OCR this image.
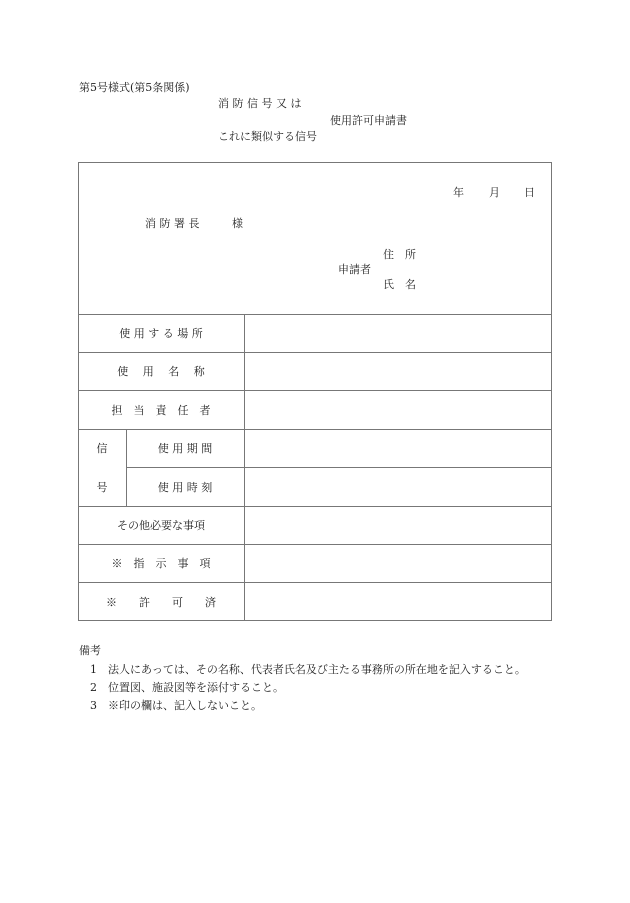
第5号様式(第5条関係)
消 防 信 号 又 は
使用許可申請書
これに類似する信号
年 月 日
消 防 署 長	様
住　所
申請者
氏　名
使 用 す る 場 所
使　 用　 名　 称
担　当　責　任　者
信
号
使 用 期 間
使 用 時 刻
その他必要な事項
※　指　示　事　項
※　　許　　可　　済
備考
1 法人にあっては、その名称、代表者氏名及び主たる事務所の所在地を記入すること。
2 位置図、施設図等を添付すること。
3 ※印の欄は、記入しないこと。
